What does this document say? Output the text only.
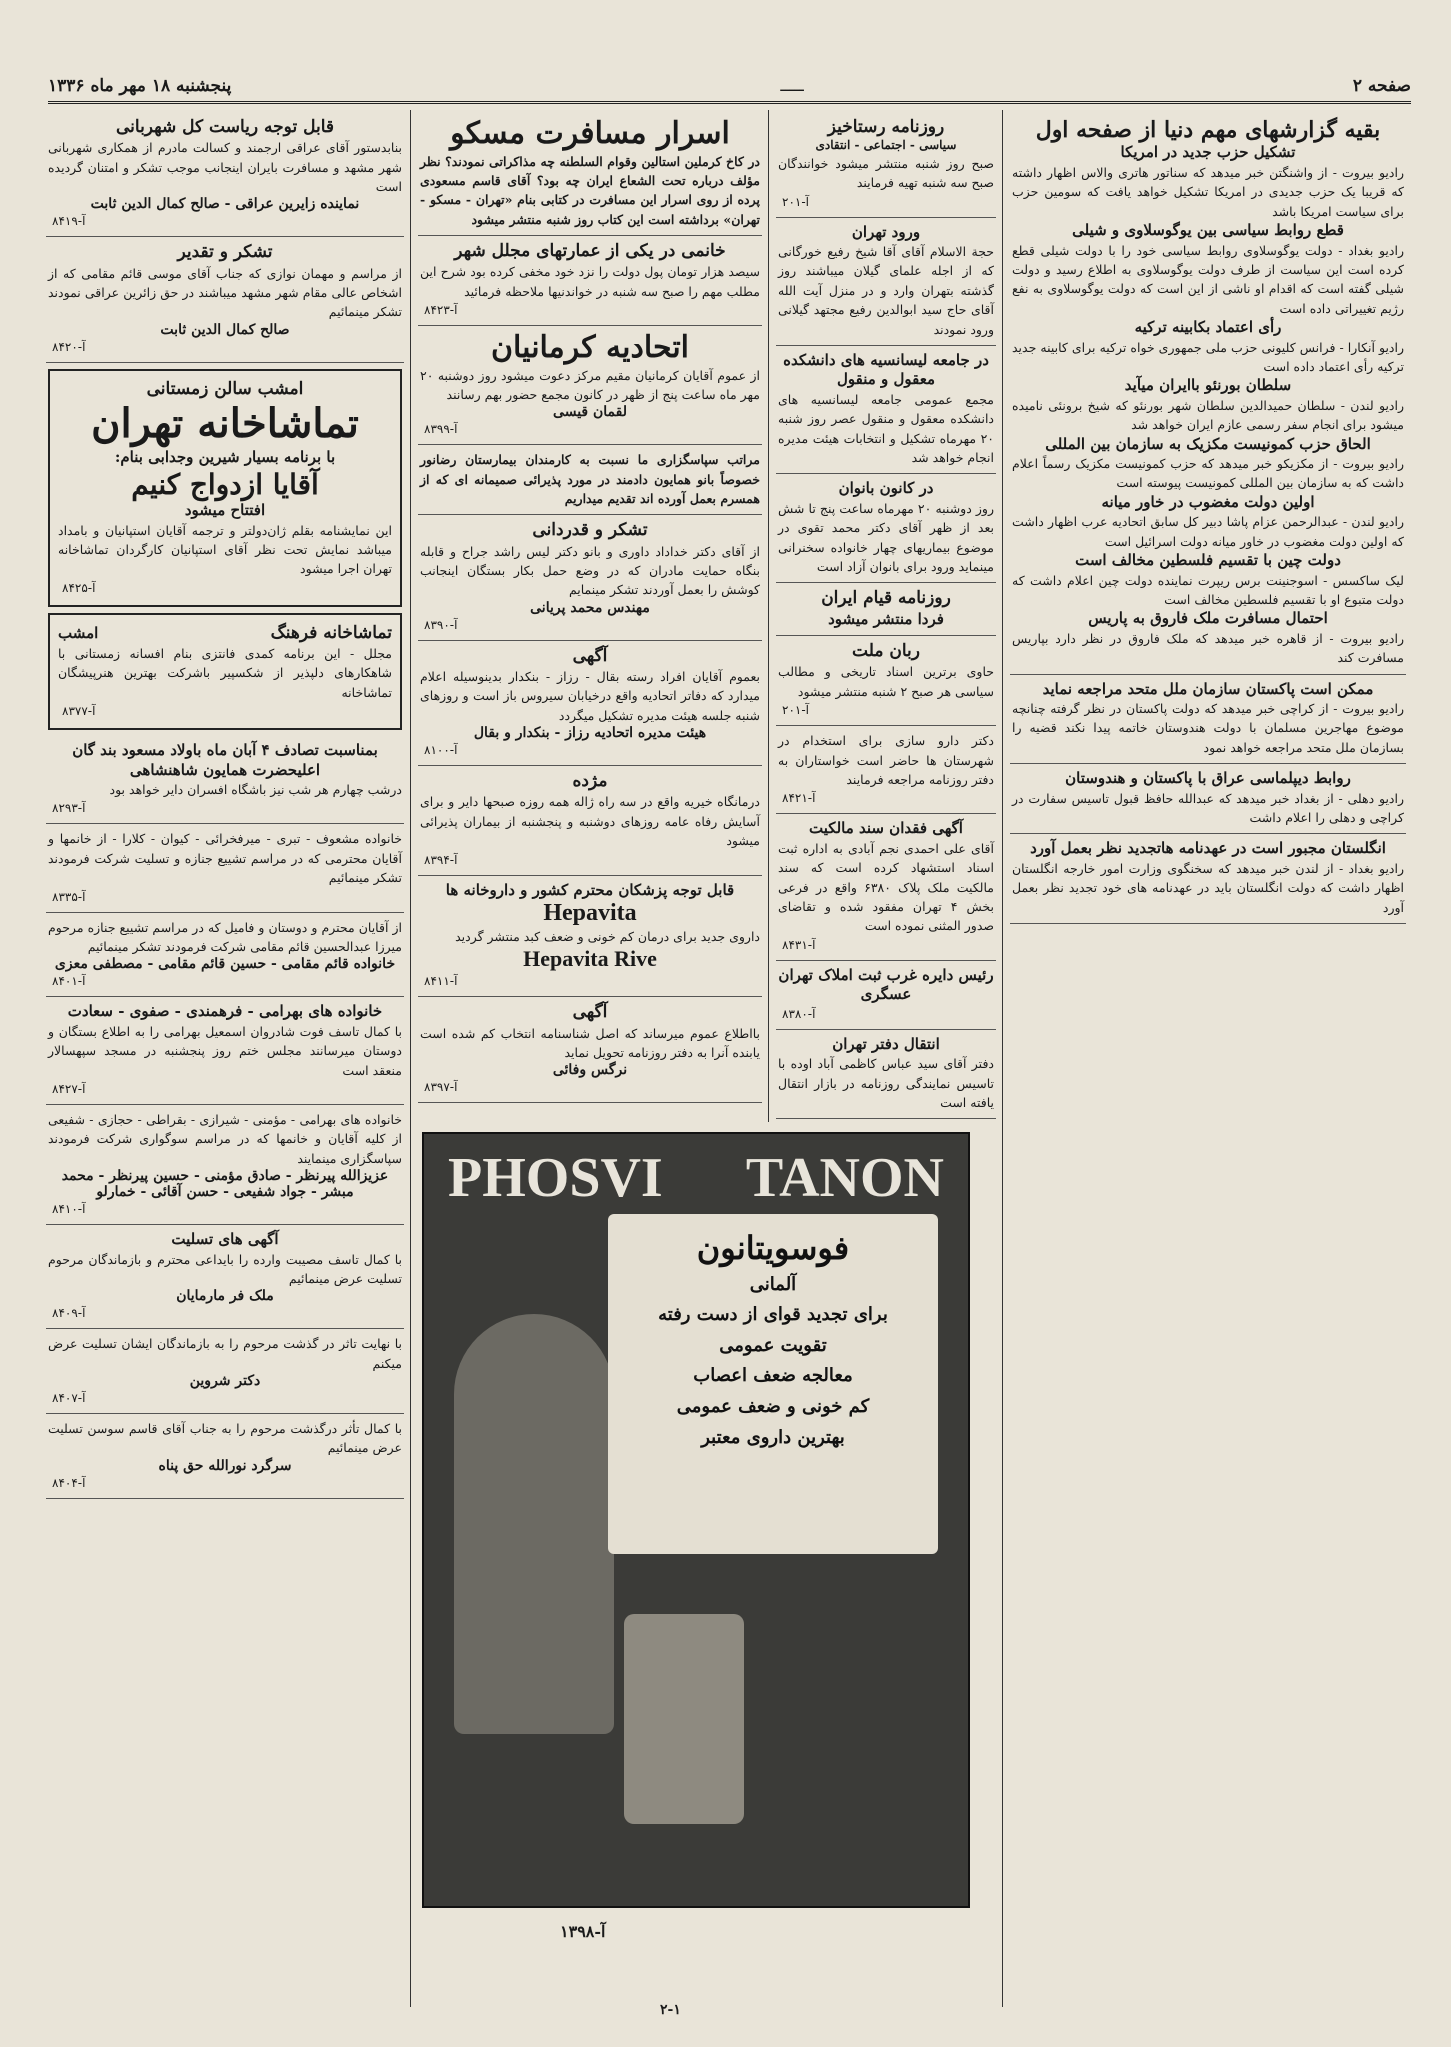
صفحه ۲
ـــــ
پنجشنبه ۱۸ مهر ماه ۱۳۳۶
بقیه گزارشهای مهم دنیا از صفحه اول
تشکیل حزب جدید در امریکا
رادیو بیروت - از واشنگتن خبر میدهد که سناتور هاتری والاس اظهار داشته که قریبا یک حزب جدیدی در امریکا تشکیل خواهد یافت که سومین حزب برای سیاست امریکا باشد
قطع روابط سیاسی بین یوگوسلاوی و شیلی
رادیو بغداد - دولت یوگوسلاوی روابط سیاسی خود را با دولت شیلی قطع کرده است این سیاست از طرف دولت یوگوسلاوی به اطلاع رسید و دولت شیلی گفته است که اقدام او ناشی از این است که دولت یوگوسلاوی به نفع رژیم تغییراتی داده است
رأی اعتماد بکابینه ترکیه
رادیو آنکارا - فرانس کلیونی حزب ملی جمهوری خواه ترکیه برای کابینه جدید ترکیه رأی اعتماد داده است
سلطان بورنئو باایران میآید
رادیو لندن - سلطان حمیدالدین سلطان شهر بورنئو که شیخ برونئی نامیده میشود برای انجام سفر رسمی عازم ایران خواهد شد
الحاق حزب کمونیست مکزیک به سازمان بین المللی
رادیو بیروت - از مکزیکو خبر میدهد که حزب کمونیست مکزیک رسماً اعلام داشت که به سازمان بین المللی کمونیست پیوسته است
اولین دولت مغضوب در خاور میانه
رادیو لندن - عبدالرحمن عزام پاشا دبیر کل سابق اتحادیه عرب اظهار داشت که اولین دولت مغضوب در خاور میانه دولت اسرائیل است
دولت چین با تقسیم فلسطین مخالف است
لیک ساکسس - اسوجنینت برس ریپرت نماینده دولت چین اعلام داشت که دولت متبوع او با تقسیم فلسطین مخالف است
احتمال مسافرت ملک فاروق به پاریس
رادیو بیروت - از قاهره خبر میدهد که ملک فاروق در نظر دارد بپاریس مسافرت کند
ممکن است پاکستان سازمان ملل متحد مراجعه نماید
رادیو بیروت - از کراچی خبر میدهد که دولت پاکستان در نظر گرفته چنانچه موضوع مهاجرین مسلمان با دولت هندوستان خاتمه پیدا نکند قضیه را بسازمان ملل متحد مراجعه خواهد نمود
روابط دیپلماسی عراق با پاکستان و هندوستان
رادیو دهلی - از بغداد خبر میدهد که عبدالله حافظ قبول تاسیس سفارت در کراچی و دهلی را اعلام داشت
انگلستان مجبور است در عهدنامه هاتجدید نظر بعمل آورد
رادیو بغداد - از لندن خبر میدهد که سخنگوی وزارت امور خارجه انگلستان اظهار داشت که دولت انگلستان باید در عهدنامه های خود تجدید نظر بعمل آورد
روزنامه رستاخیز
سیاسی - اجتماعی - انتقادی
صبح روز شنبه منتشر میشود خوانندگان صبح سه شنبه تهیه فرمایند
آ-۲۰۱
ورود تهران
حجة الاسلام آقای آقا شیخ رفیع خورگانی که از اجله علمای گیلان میباشند روز گذشته بتهران وارد و در منزل آیت الله آقای حاج سید ابوالدین رفیع مجتهد گیلانی ورود نمودند
در جامعه لیسانسیه های دانشکده معقول و منقول
مجمع عمومی جامعه لیسانسیه های دانشکده معقول و منقول عصر روز شنبه ۲۰ مهرماه تشکیل و انتخابات هیئت مدیره انجام خواهد شد
در کانون بانوان
روز دوشنبه ۲۰ مهرماه ساعت پنج تا شش بعد از ظهر آقای دکتر محمد تقوی در موضوع بیماریهای چهار خانواده سخنرانی مینماید ورود برای بانوان آزاد است
روزنامه قیام ایران
فردا منتشر میشود
ربان ملت
حاوی برترین اسناد تاریخی و مطالب سیاسی هر صبح ۲ شنبه منتشر میشود
آ-۲۰۱
دکتر دارو سازی برای استخدام در شهرستان ها حاضر است خواستاران به دفتر روزنامه مراجعه فرمایند
آ-۸۴۲۱
آگهی فقدان سند مالکیت
آقای علی احمدی نجم آبادی به اداره ثبت اسناد استشهاد کرده است که سند مالکیت ملک پلاک ۶۳۸۰ واقع در فرعی بخش ۴ تهران مفقود شده و تقاضای صدور المثنی نموده است
آ-۸۴۳۱
رئیس دایره غرب ثبت املاک تهران عسگری
آ-۸۳۸۰
انتقال دفتر تهران
دفتر آقای سید عباس کاظمی آباد اوده با تاسیس نمایندگی روزنامه در بازار انتقال یافته است
اسرار مسافرت مسکو
در کاخ کرملین استالین وقوام السلطنه چه مذاکراتی نمودند؟ نظر مؤلف درباره تحت الشعاع ایران چه بود؟ آقای قاسم مسعودی پرده از روی اسرار این مسافرت در کتابی بنام «تهران - مسکو - تهران» برداشته است این کتاب روز شنبه منتشر میشود
خانمی در یکی از عمارتهای مجلل شهر
سیصد هزار تومان پول دولت را نزد خود مخفی کرده بود شرح این مطلب مهم را صبح سه شنبه در خواندنیها ملاحظه فرمائید
آ-۸۴۲۳
اتحادیه کرمانیان
از عموم آقایان کرمانیان مقیم مرکز دعوت میشود روز دوشنبه ۲۰ مهر ماه ساعت پنج از ظهر در کانون مجمع حضور بهم رسانند
لقمان قیسی
آ-۸۳۹۹
مراتب سپاسگزاری ما نسبت به کارمندان بیمارستان رضانور خصوصاً بانو همایون دادمند در مورد پذیرائی صمیمانه ای که از همسرم بعمل آورده اند تقدیم میداریم
تشکر و قدردانی
از آقای دکتر خداداد داوری و بانو دکتر لیس راشد جراح و قابله بنگاه حمایت مادران که در وضع حمل بکار بستگان اینجانب کوشش را بعمل آوردند تشکر مینمایم
مهندس محمد پریانی
آ-۸۳۹۰
آگهی
بعموم آقایان افراد رسته بقال - رزاز - بنکدار بدینوسیله اعلام میدارد که دفاتر اتحادیه واقع درخیابان سیروس باز است و روزهای شنبه جلسه هیئت مدیره تشکیل میگردد
هیئت مدیره اتحادیه رزاز - بنکدار و بقال
آ-۸۱۰۰
مژده
درمانگاه خیریه واقع در سه راه ژاله همه روزه صبحها دایر و برای آسایش رفاه عامه روزهای دوشنبه و پنجشنبه از بیماران پذیرائی میشود
آ-۸۳۹۴
قابل توجه پزشکان محترم کشور و داروخانه ها
Hepavita
داروی جدید برای درمان کم خونی و ضعف کبد منتشر گردید
Hepavita Rive
آ-۸۴۱۱
آگهی
بااطلاع عموم میرساند که اصل شناسنامه انتخاب کم شده است یابنده آنرا به دفتر روزنامه تحویل نماید
نرگس وفائی
آ-۸۳۹۷
قابل توجه ریاست کل شهربانی
بنابدستور آقای عراقی ارجمند و کسالت مادرم از همکاری شهربانی شهر مشهد و مسافرت بایران اینجانب موجب تشکر و امتنان گردیده است
نماینده زایرین عراقی - صالح کمال الدین ثابت
آ-۸۴۱۹
تشکر و تقدیر
از مراسم و مهمان نوازی که جناب آقای موسی قائم مقامی که از اشخاص عالی مقام شهر مشهد میباشند در حق زائرین عراقی نمودند تشکر مینمائیم
صالح کمال الدین ثابت
آ-۸۴۲۰
امشب سالن زمستانی
تماشاخانه تهران
با برنامه بسیار شیرین وجدابی بنام:
آقایا ازدواج کنیم
افتتاح میشود
این نمایشنامه بقلم ژان‌دولتر و ترجمه آقایان استپانیان و بامداد میباشد نمایش تحت نظر آقای استپانیان کارگردان تماشاخانه تهران اجرا میشود
آ-۸۴۲۵
تماشاخانه فرهنگ
امشب
مجلل - این برنامه کمدی فانتزی بنام افسانه زمستانی با شاهکارهای دلپذیر از شکسپیر باشرکت بهترین هنرپیشگان تماشاخانه
آ-۸۳۷۷
بمناسبت تصادف ۴ آبان ماه باولاد مسعود بند گان اعلیحضرت همایون شاهنشاهی
درشب چهارم هر شب نیز باشگاه افسران دایر خواهد بود
آ-۸۲۹۳
خانواده مشعوف - تبری - میرفخرائی - کیوان - کلارا - از خانمها و آقایان محترمی که در مراسم تشییع جنازه و تسلیت شرکت فرمودند تشکر مینمائیم
آ-۸۳۳۵
از آقایان محترم و دوستان و فامیل که در مراسم تشییع جنازه مرحوم میرزا عبدالحسین قائم مقامی شرکت فرمودند تشکر مینمائیم
خانواده قائم مقامی - حسین قائم مقامی - مصطفی معزی
آ-۸۴۰۱
خانواده های بهرامی - فرهمندی - صفوی - سعادت
با کمال تاسف فوت شادروان اسمعیل بهرامی را به اطلاع بستگان و دوستان میرسانند مجلس ختم روز پنجشنبه در مسجد سپهسالار منعقد است
آ-۸۴۲۷
خانواده های بهرامی - مؤمنی - شیرازی - بقراطی - حجازی - شفیعی از کلیه آقایان و خانمها که در مراسم سوگواری شرکت فرمودند سپاسگزاری مینمایند
عزیزالله پیرنظر - صادق مؤمنی - حسین پیرنظر - محمد مبشر - جواد شفیعی - حسن آقائی - خمارلو
آ-۸۴۱۰
آگهی های تسلیت
با کمال تاسف مصیبت وارده را بایداعی محترم و بازماندگان مرحوم تسلیت عرض مینمائیم
ملک فر مارمایان
آ-۸۴۰۹
با نهایت تاثر در گذشت مرحوم را به بازماندگان ایشان تسلیت عرض میکنم
دکتر شروین
آ-۸۴۰۷
با کمال تأثر درگذشت مرحوم را به جناب آقای قاسم سوسن تسلیت عرض مینمائیم
سرگرد نورالله حق پناه
آ-۸۴۰۴
PHOSVI TANON
فوسویتانون
آلمانی
برای تجدید قوای از دست رفته
تقویت عمومی
معالجه ضعف اعصاب
کم خونی و ضعف عمومی
بهترین داروی معتبر
آ-۱۳۹۸
۲-۱
